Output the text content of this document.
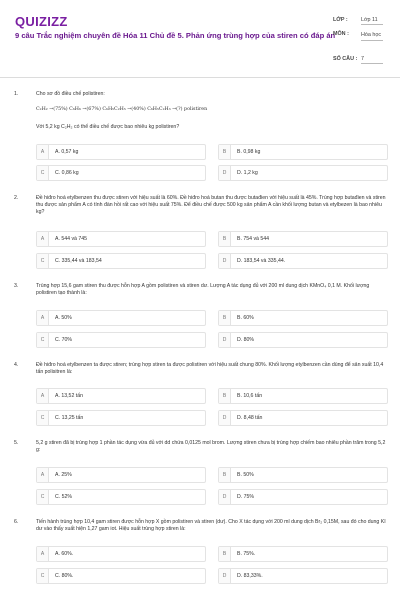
QUIZIZZ
9 câu Trắc nghiệm chuyên đề Hóa 11 Chủ đề 5. Phản ứng trùng hợp của stiren có đáp án
LỚP : Lớp 11
MÔN : Hóa học
SỐ CÂU : 7
1.	Cho sơ đồ điều chế polistiren:
C₂H₂ →(75%) C₆H₆ →(67%) C₆H₅C₂H₅ →(40%) C₆H₅C₂H₃ →(?) polistiren
Với 5,2 kg C₂H₂ có thể điều chế được bao nhiêu kg polistiren?
A	A. 0,57 kg	B	B. 0,98 kg
C	C. 0,86 kg	D	D. 1,2 kg
2.	Đề hiđro hoá etylbenzen thu được stiren với hiệu suất là 60%. Đề hiđro hoá butan thu được butađien với hiệu suất là 45%. Trùng hợp butađien và stiren thu được sản phẩm A có tính đàn hồi rất cao với hiệu suất 75%. Để điều chế được 500 kg sản phẩm A cần khối lượng butan và etylbezen là bao nhiêu kg?
A	A. 544 và 745	B	B. 754 và 544
C	C. 335,44 và 183,54	D	D. 183,54 và 335,44.
3.	Trùng hợp 15,6 gam stiren thu được hỗn hợp A gồm polistiren và stiren dư. Lượng A tác dụng đủ với 200 ml dung dịch KMnO₄ 0,1 M. Khối lượng polistiren tạo thành là:
A	A. 50%	B	B. 60%
C	C. 70%	D	D. 80%
4.	Đề hiđro hoá etylbenzen ta được stiren; trùng hợp stiren ta được polistiren với hiệu suất chung 80%. Khối lượng etylbenzen cần dùng để sản xuất 10,4 tấn polisitren là:
A	A. 13,52 tấn	B	B. 10,6 tấn
C	C. 13,25 tấn	D	D. 8,48 tấn
5.	5,2 g stiren đã bị trùng hợp 1 phần tác dụng vừa đủ với dd chứa 0,0125 mol brom. Lượng stiren chưa bị trùng hợp chiếm bao nhiêu phần trăm trong 5,2 g:
A	A. 25%	B	B. 50%
C	C. 52%	D	D. 75%
6.	Tiến hành trùng hợp 10,4 gam stiren được hỗn hợp X gồm polistiren và stiren (dư). Cho X tác dụng với 200 ml dung dịch Br₂ 0,15M, sau đó cho dung KI dư vào thấy xuất hiện 1,27 gam iot. Hiệu suất trùng hợp stiren là:
A	A. 60%.	B	B. 75%.
C	C. 80%.	D	D. 83,33%.
